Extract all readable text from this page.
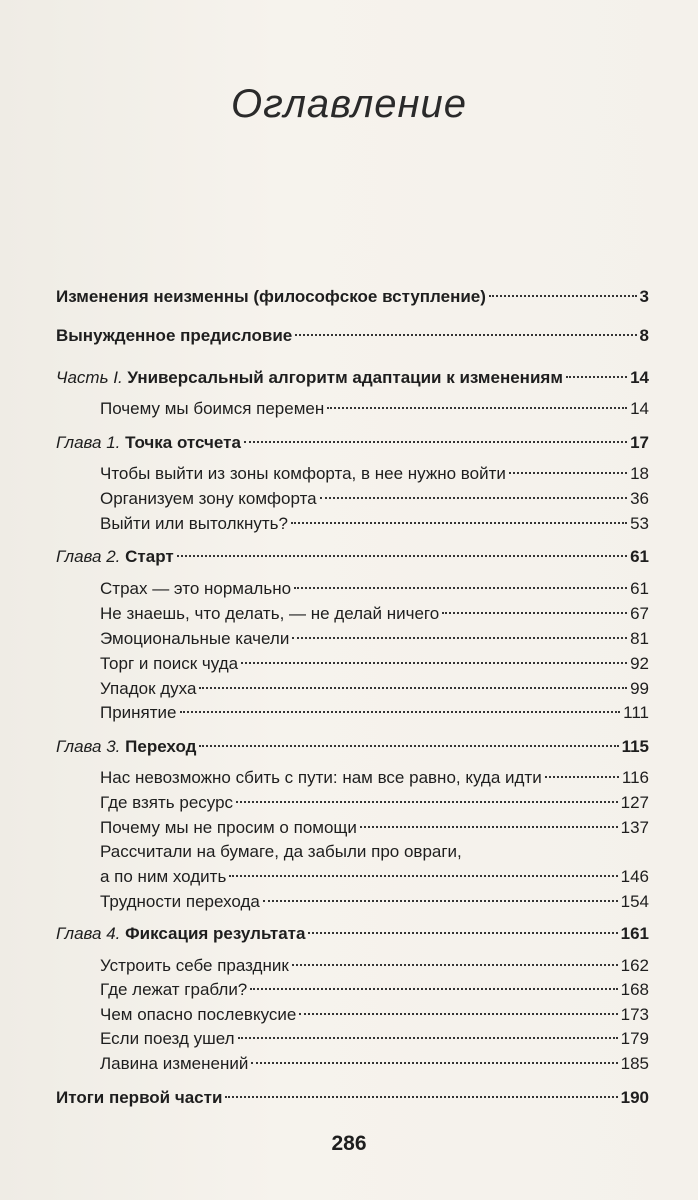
Оглавление
Изменения неизменны (философское вступление)	3
Вынужденное предисловие	8
Часть I. Универсальный алгоритм адаптации к изменениям	14
Почему мы боимся перемен	14
Глава 1. Точка отсчета	17
Чтобы выйти из зоны комфорта, в нее нужно войти	18
Организуем зону комфорта	36
Выйти или вытолкнуть?	53
Глава 2. Старт	61
Страх — это нормально	61
Не знаешь, что делать, — не делай ничего	67
Эмоциональные качели	81
Торг и поиск чуда	92
Упадок духа	99
Принятие	111
Глава 3. Переход	115
Нас невозможно сбить с пути: нам все равно, куда идти	116
Где взять ресурс	127
Почему мы не просим о помощи	137
Рассчитали на бумаге, да забыли про овраги,
а по ним ходить	146
Трудности перехода	154
Глава 4. Фиксация результата	161
Устроить себе праздник	162
Где лежат грабли?	168
Чем опасно послевкусие	173
Если поезд ушел	179
Лавина изменений	185
Итоги первой части	190
286
